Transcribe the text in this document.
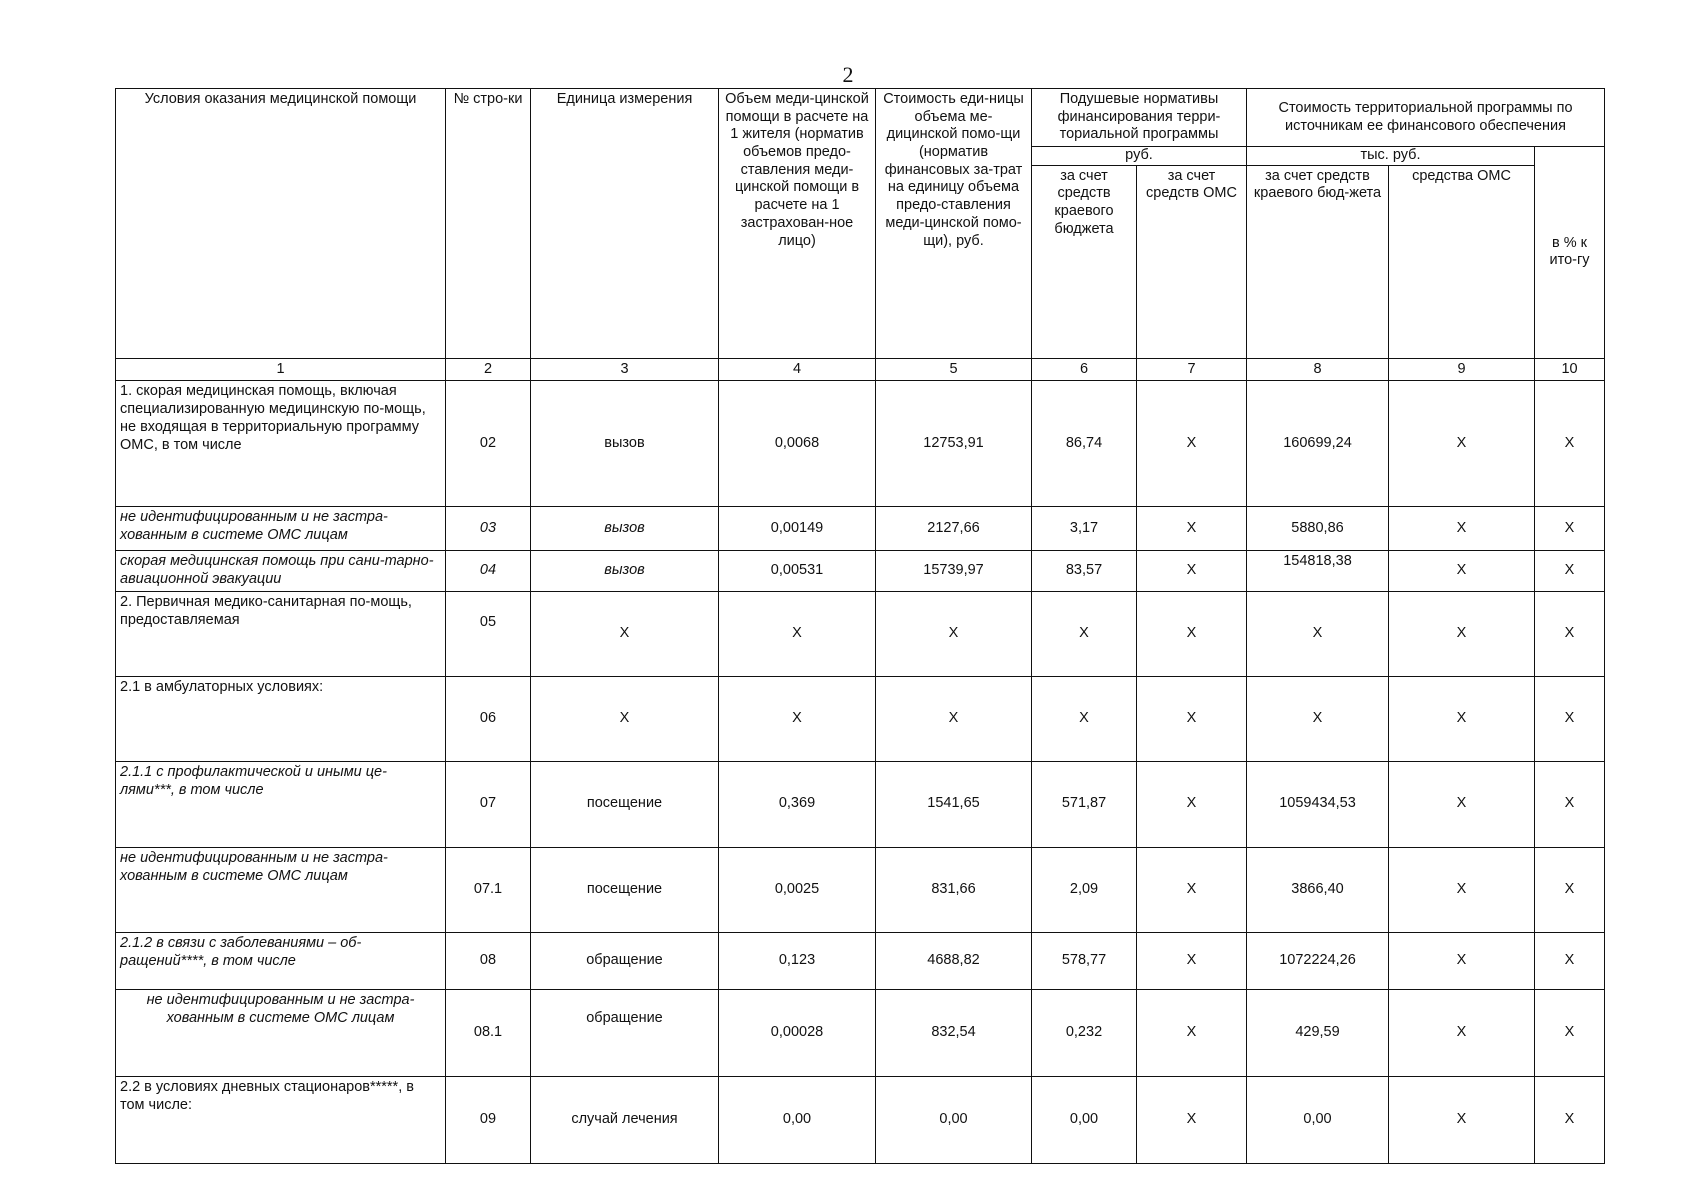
2
Условия оказания медицинской помощи	№ стро-ки	Единица измерения	Объем меди-цинской помощи в расчете на 1 жителя (норматив объемов предо-ставления меди-цинской помощи в расчете на 1 застрахован-ное лицо)	Стоимость еди-ницы объема ме-дицинской помо-щи (норматив финансовых за-трат на единицу объема предо-ставления меди-цинской помо-щи), руб.	Подушевые нормативы финансирования терри-ториальной программы		Стоимость территориальной программы по источникам ее финансового обеспечения		
					руб.		тыс. руб.		в % к ито-гу
					за счет средств краевого бюджета	за счет средств ОМС	за счет средств краевого бюд-жета	средства ОМС	
1	2	3	4	5	6	7	8	9	10
1. скорая медицинская помощь, включая специализированную медицинскую по-мощь, не входящая в территориальную программу ОМС, в том числе	02	вызов	0,0068	12753,91	86,74	X	160699,24	X	X
не идентифицированным и не застра-хованным в системе ОМС лицам	03	вызов	0,00149	2127,66	3,17	X	5880,86	X	X
скорая медицинская помощь при сани-тарно-авиационной эвакуации	04	вызов	0,00531	15739,97	83,57	X	154818,38	X	X
2. Первичная медико-санитарная по-мощь, предоставляемая	05	X	X	X	X	X	X	X	X
2.1 в амбулаторных условиях:	06	X	X	X	X	X	X	X	X
2.1.1 с профилактической и иными це-лями***, в том числе	07	посещение	0,369	1541,65	571,87	X	1059434,53	X	X
не идентифицированным и не застра-хованным в системе ОМС лицам	07.1	посещение	0,0025	831,66	2,09	X	3866,40	X	X
2.1.2 в связи с заболеваниями – об-ращений****, в том числе	08	обращение	0,123	4688,82	578,77	X	1072224,26	X	X
не идентифицированным и не застра-хованным в системе ОМС лицам	08.1	обращение	0,00028	832,54	0,232	X	429,59	X	X
2.2 в условиях дневных стационаров*****, в том числе:	09	случай лечения	0,00	0,00	0,00	X	0,00	X	X
